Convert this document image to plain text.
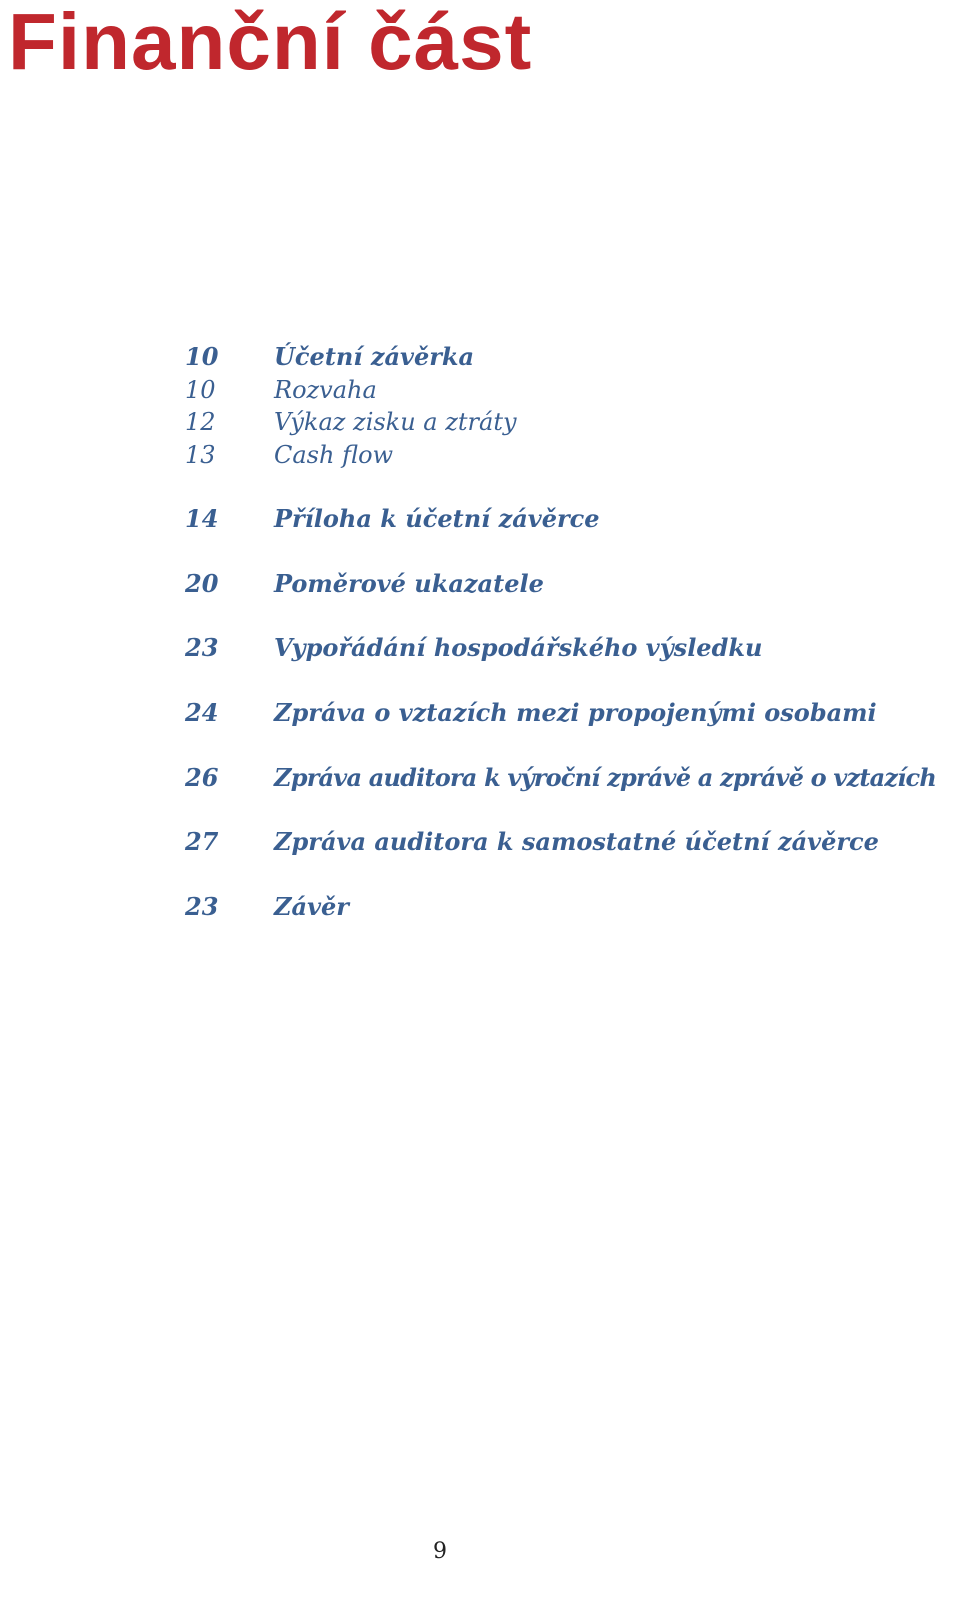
Finanční část
10 Účetní závěrka
10 Rozvaha
12 Výkaz zisku a ztráty
13 Cash flow
14 Příloha k účetní závěrce
20 Poměrové ukazatele
23 Vypořádání hospodářského výsledku
24 Zpráva o vztazích mezi propojenými osobami
26 Zpráva auditora k výroční zprávě a zprávě o vztazích
27 Zpráva auditora k samostatné účetní závěrce
23 Závěr
9
